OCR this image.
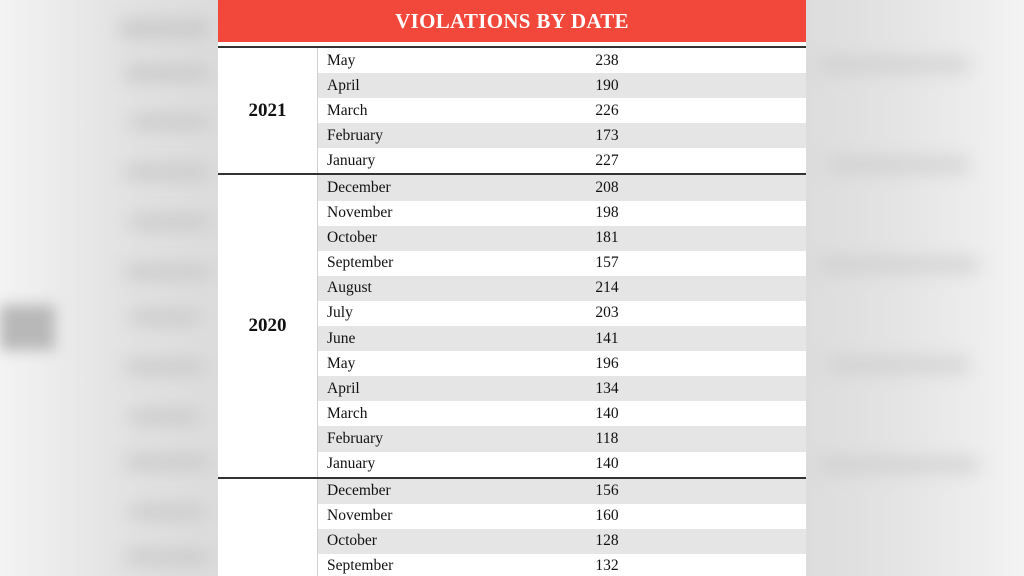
VIOLATIONS BY DATE
2021
May	238
April	190
March	226
February	173
January	227
2020
December	208
November	198
October	181
September	157
August	214
July	203
June	141
May	196
April	134
March	140
February	118
January	140
December	156
November	160
October	128
September	132
